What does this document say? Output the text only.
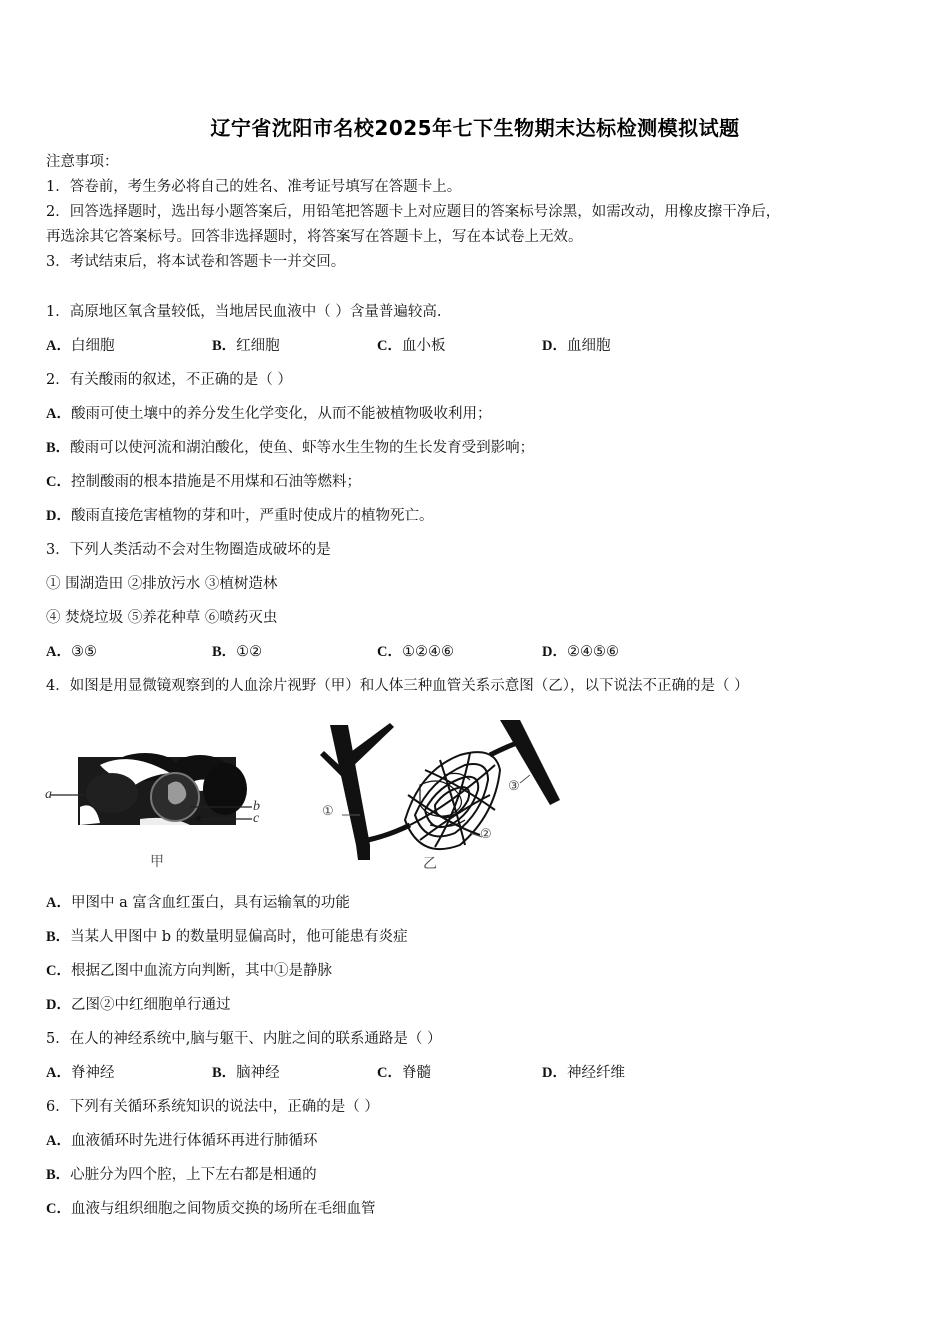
辽宁省沈阳市名校2025年七下生物期末达标检测模拟试题
注意事项：
1．答卷前，考生务必将自己的姓名、准考证号填写在答题卡上。
2．回答选择题时，选出每小题答案后，用铅笔把答题卡上对应题目的答案标号涂黑，如需改动，用橡皮擦干净后，
再选涂其它答案标号。回答非选择题时，将答案写在答题卡上，写在本试卷上无效。
3．考试结束后，将本试卷和答题卡一并交回。
1．高原地区氧含量较低，当地居民血液中（ ）含量普遍较高.
A．白细胞	B．红细胞	C．血小板	D．血细胞
2．有关酸雨的叙述，不正确的是（ ）
A．酸雨可使土壤中的养分发生化学变化，从而不能被植物吸收利用；
B．酸雨可以使河流和湖泊酸化，使鱼、虾等水生生物的生长发育受到影响；
C．控制酸雨的根本措施是不用煤和石油等燃料；
D．酸雨直接危害植物的芽和叶，严重时使成片的植物死亡。
3．下列人类活动不会对生物圈造成破坏的是
① 围湖造田 ②排放污水 ③植树造林
④ 焚烧垃圾 ⑤养花种草 ⑥喷药灭虫
A．③⑤	B．①②	C．①②④⑥	D．②④⑤⑥
4．如图是用显微镜观察到的人血涂片视野（甲）和人体三种血管关系示意图（乙），以下说法不正确的是（ ）
a
b
c
甲
①
②
③
乙
A．甲图中 a 富含血红蛋白，具有运输氧的功能
B．当某人甲图中 b 的数量明显偏高时，他可能患有炎症
C．根据乙图中血流方向判断，其中①是静脉
D．乙图②中红细胞单行通过
5．在人的神经系统中,脑与躯干、内脏之间的联系通路是（ ）
A．脊神经	B．脑神经	C．脊髓	D．神经纤维
6．下列有关循环系统知识的说法中，正确的是（ ）
A．血液循环时先进行体循环再进行肺循环
B．心脏分为四个腔，上下左右都是相通的
C．血液与组织细胞之间物质交换的场所在毛细血管
